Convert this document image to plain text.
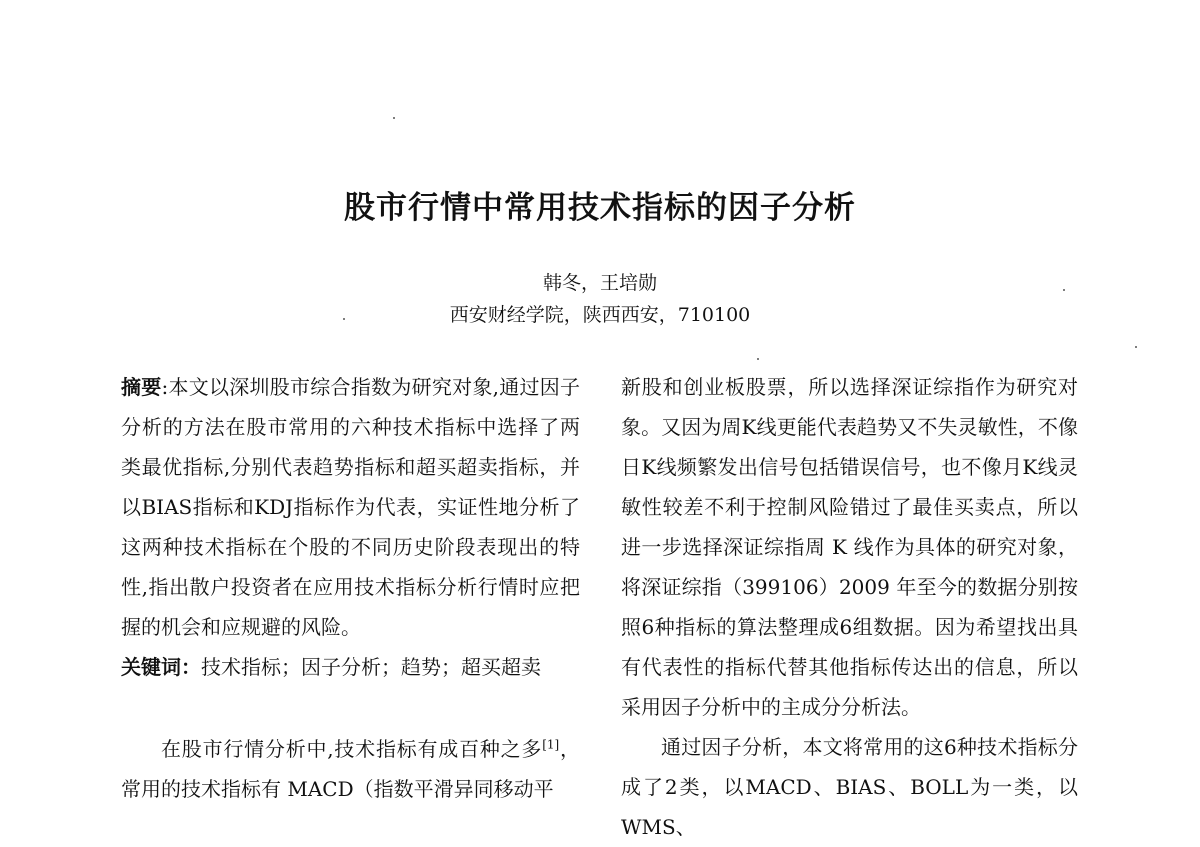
股市行情中常用技术指标的因子分析
韩冬，王培勋
西安财经学院，陕西西安，710100

摘要:本文以深圳股市综合指数为研究对象,通过因子分析的方法在股市常用的六种技术指标中选择了两类最优指标,分别代表趋势指标和超买超卖指标，并以BIAS指标和KDJ指标作为代表，实证性地分析了这两种技术指标在个股的不同历史阶段表现出的特性,指出散户投资者在应用技术指标分析行情时应把握的机会和应规避的风险。

关键词：技术指标；因子分析；趋势；超买超卖

在股市行情分析中,技术指标有成百种之多[1]，常用的技术指标有 MACD（指数平滑异同移动平

新股和创业板股票，所以选择深证综指作为研究对象。又因为周K线更能代表趋势又不失灵敏性，不像日K线频繁发出信号包括错误信号，也不像月K线灵敏性较差不利于控制风险错过了最佳买卖点，所以进一步选择深证综指周 K 线作为具体的研究对象，将深证综指（399106）2009 年至今的数据分别按照6种指标的算法整理成6组数据。因为希望找出具有代表性的指标代替其他指标传达出的信息，所以采用因子分析中的主成分分析法。

通过因子分析，本文将常用的这6种技术指标分成了2类，以MACD、BIAS、BOLL为一类，以WMS、
